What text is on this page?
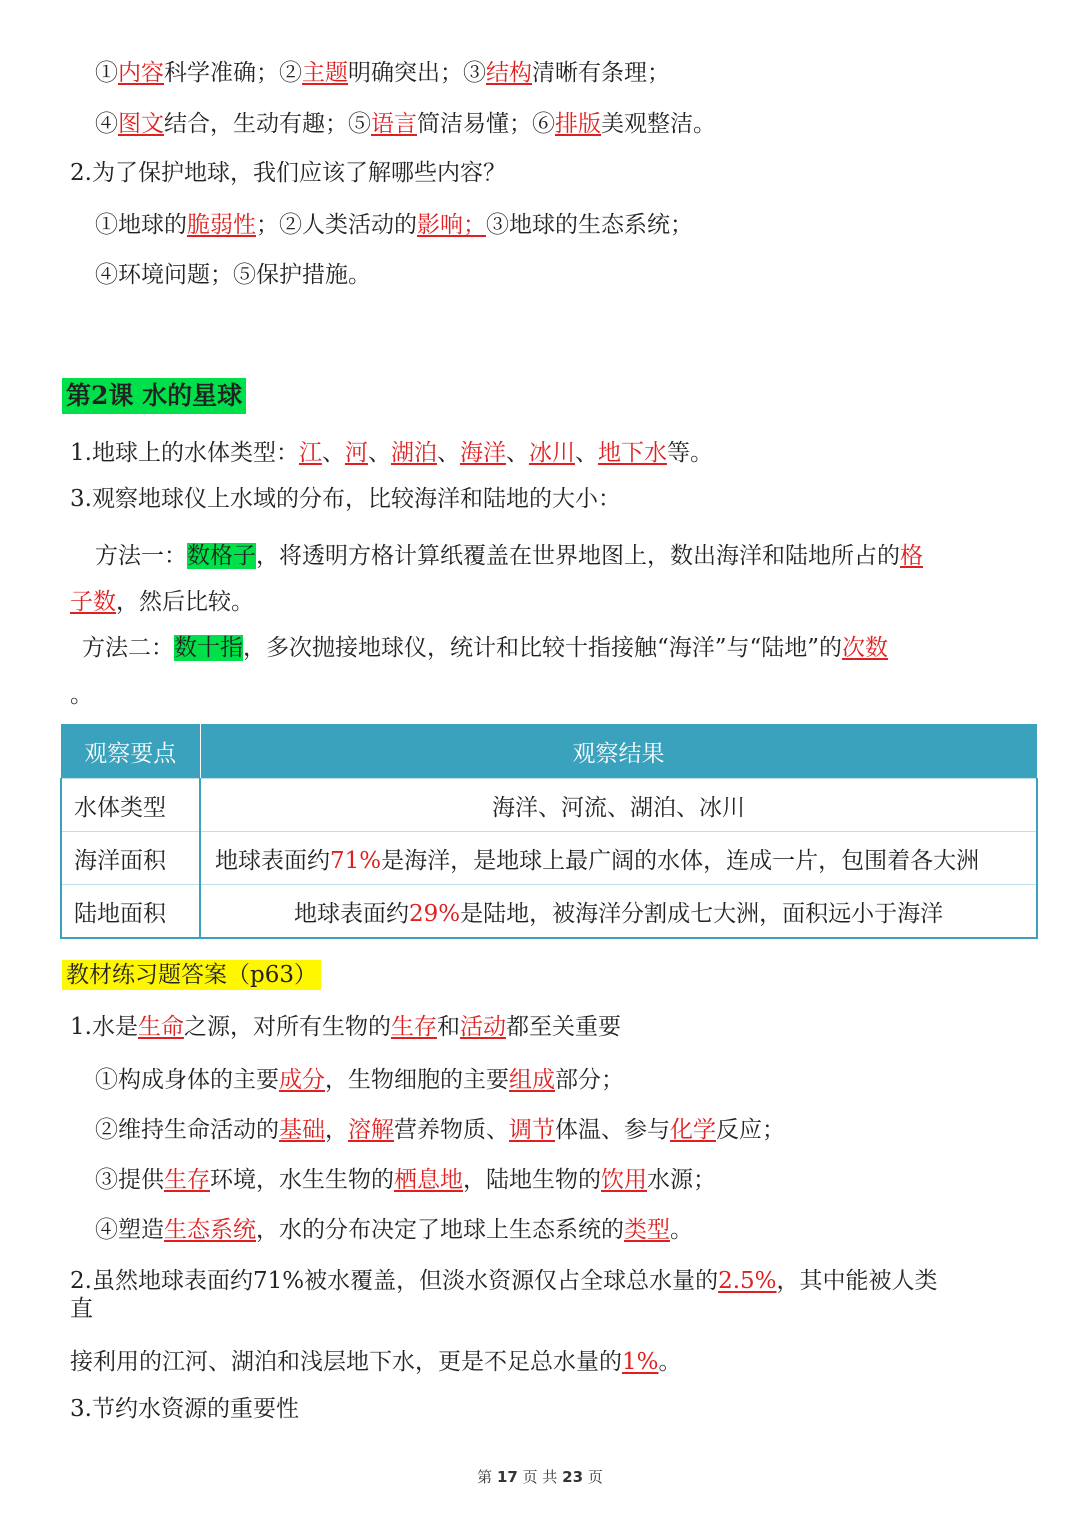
①内容科学准确；②主题明确突出；③结构清晰有条理；
④图文结合，生动有趣；⑤语言简洁易懂；⑥排版美观整洁。
2.为了保护地球，我们应该了解哪些内容？
①地球的脆弱性；②人类活动的影响；③地球的生态系统；
④环境问题；⑤保护措施。
第2课 水的星球
1.地球上的水体类型：江、河、湖泊、海洋、冰川、地下水等。
3.观察地球仪上水域的分布，比较海洋和陆地的大小：
方法一：数格子，将透明方格计算纸覆盖在世界地图上，数出海洋和陆地所占的格
子数，然后比较。
方法二：数十指，多次抛接地球仪，统计和比较十指接触“海洋”与“陆地”的次数
。
观察要点	观察结果
水体类型	海洋、河流、湖泊、冰川
海洋面积	地球表面约71%是海洋，是地球上最广阔的水体，连成一片，包围着各大洲
陆地面积	地球表面约29%是陆地，被海洋分割成七大洲，面积远小于海洋
教材练习题答案（p63）
1.水是生命之源，对所有生物的生存和活动都至关重要
①构成身体的主要成分，生物细胞的主要组成部分；
②维持生命活动的基础，溶解营养物质、调节体温、参与化学反应；
③提供生存环境，水生生物的栖息地，陆地生物的饮用水源；
④塑造生态系统，水的分布决定了地球上生态系统的类型。
2.虽然地球表面约71%被水覆盖，但淡水资源仅占全球总水量的2.5%，其中能被人类
直
接利用的江河、湖泊和浅层地下水，更是不足总水量的1%。
3.节约水资源的重要性
第 17 页 共 23 页
